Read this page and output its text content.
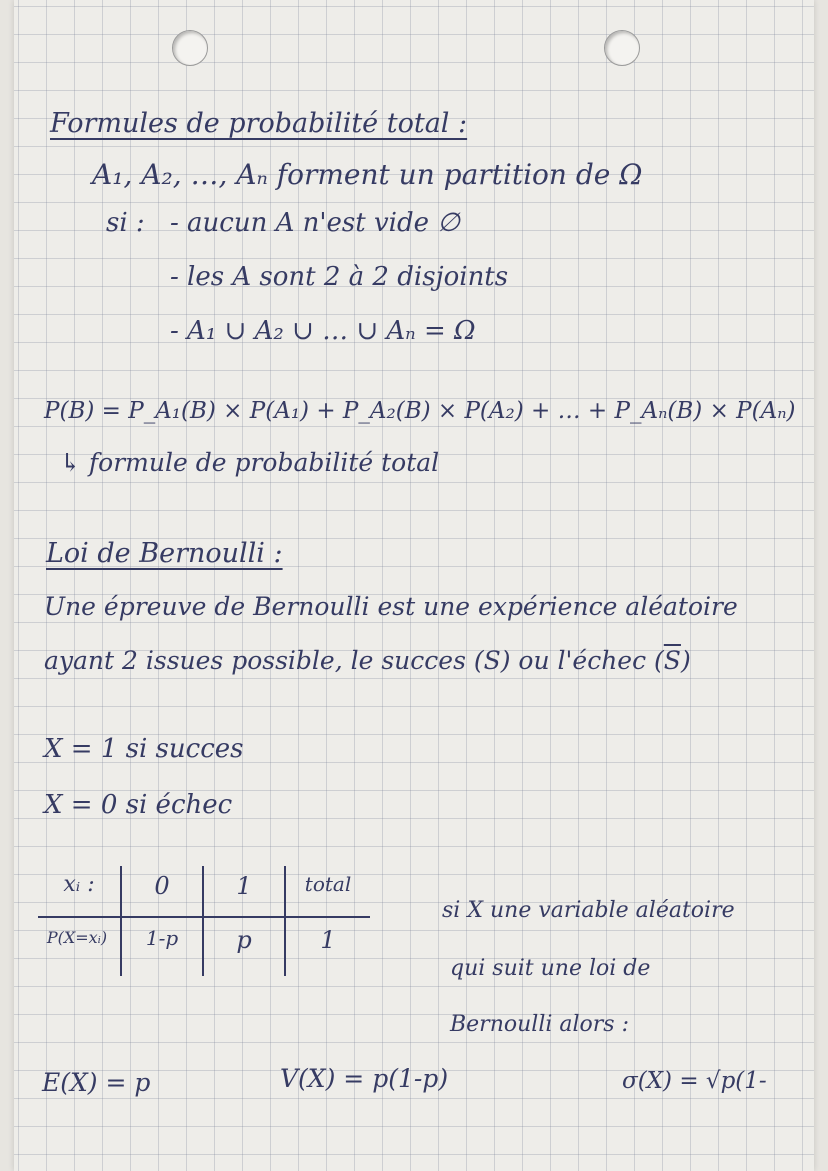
Formules de probabilité total :
A₁, A₂, …, Aₙ forment un partition de Ω
si : - aucun A n'est vide ∅
- les A sont 2 à 2 disjoints
- A₁ ∪ A₂ ∪ … ∪ Aₙ = Ω
P(B) = P_A₁(B) × P(A₁) + P_A₂(B) × P(A₂) + … + P_Aₙ(B) × P(Aₙ)
↳ formule de probabilité total
Loi de Bernoulli :
Une épreuve de Bernoulli est une expérience aléatoire
ayant 2 issues possible, le succes (S) ou l'échec $(\overline{S})$
X = 1 si succes
X = 0 si échec
xᵢ :	0	1	total
P(X=xᵢ)	1-p	p	1
si X une variable aléatoire
qui suit une loi de
Bernoulli alors :
E(X) = p	V(X) = p(1-p)	σ(X) = √p(1-
